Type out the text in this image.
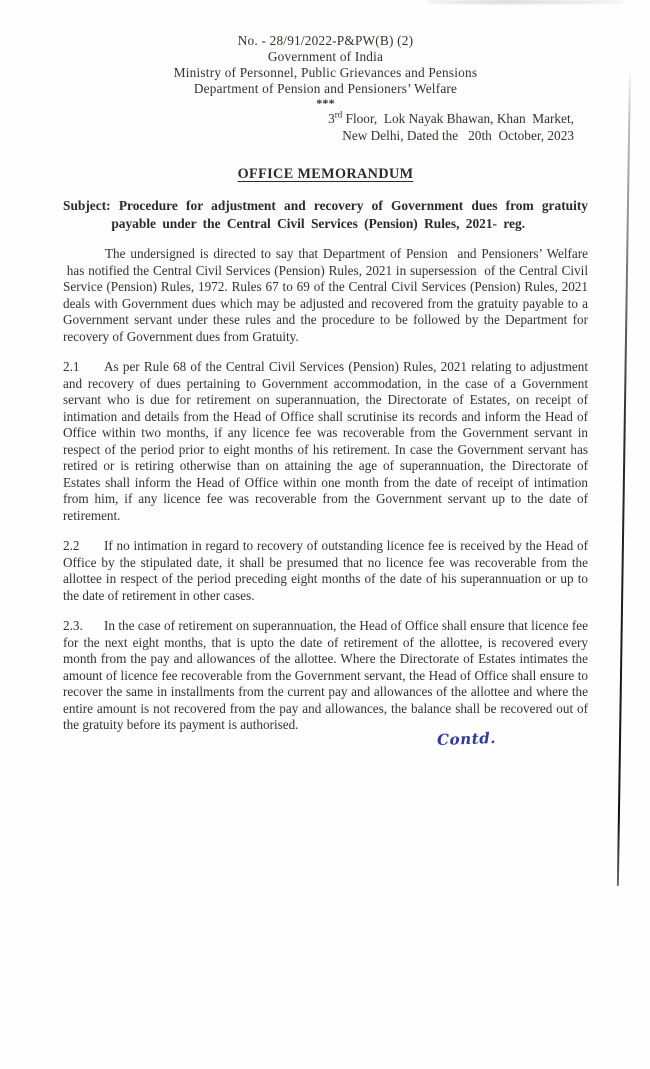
No. - 28/91/2022-P&PW(B) (2)
Government of India
Ministry of Personnel, Public Grievances and Pensions
Department of Pension and Pensioners’ Welfare
***
3rd Floor,  Lok Nayak Bhawan, Khan  Market,
New Delhi, Dated the   20th  October, 2023
OFFICE MEMORANDUM

Subject: Procedure for adjustment and recovery of Government dues from gratuity  payable under the Central Civil Services (Pension) Rules, 2021- reg.

The undersigned is directed to say that Department of Pension  and Pensioners’ Welfare  has notified the Central Civil Services (Pension) Rules, 2021 in supersession  of the Central Civil Service (Pension) Rules, 1972. Rules 67 to 69 of the Central Civil Services (Pension) Rules, 2021 deals with Government dues which may be adjusted and recovered from the gratuity payable to a Government servant under these rules and the procedure to be followed by the Department for recovery of Government dues from Gratuity.

2.1 As per Rule 68 of the Central Civil Services (Pension) Rules, 2021 relating to adjustment and recovery of dues pertaining to Government accommodation, in the case of a Government servant who is due for retirement on superannuation, the Directorate of Estates, on receipt of intimation and details from the Head of Office shall scrutinise its records and inform the Head of Office within two months, if any licence fee was recoverable from the Government servant in respect of the period prior to eight months of his retirement. In case the Government servant has retired or is retiring otherwise than on attaining the age of superannuation, the Directorate of Estates shall inform the Head of Office within one month from the date of receipt of intimation from him, if any licence fee was recoverable from the Government servant up to the date of retirement.

2.2 If no intimation in regard to recovery of outstanding licence fee is received by the Head of Office by the stipulated date, it shall be presumed that no licence fee was recoverable from the allottee in respect of the period preceding eight months of the date of his superannuation or up to the date of retirement in other cases.

2.3. In the case of retirement on superannuation, the Head of Office shall ensure that licence fee for the next eight months, that is upto the date of retirement of the allottee, is recovered every month from the pay and allowances of the allottee. Where the Directorate of Estates intimates the amount of licence fee recoverable from the Government servant, the Head of Office shall ensure to recover the same in installments from the current pay and allowances of the allottee and where the entire amount is not recovered from the pay and allowances, the balance shall be recovered out of the gratuity before its payment is authorised.

Contd.
